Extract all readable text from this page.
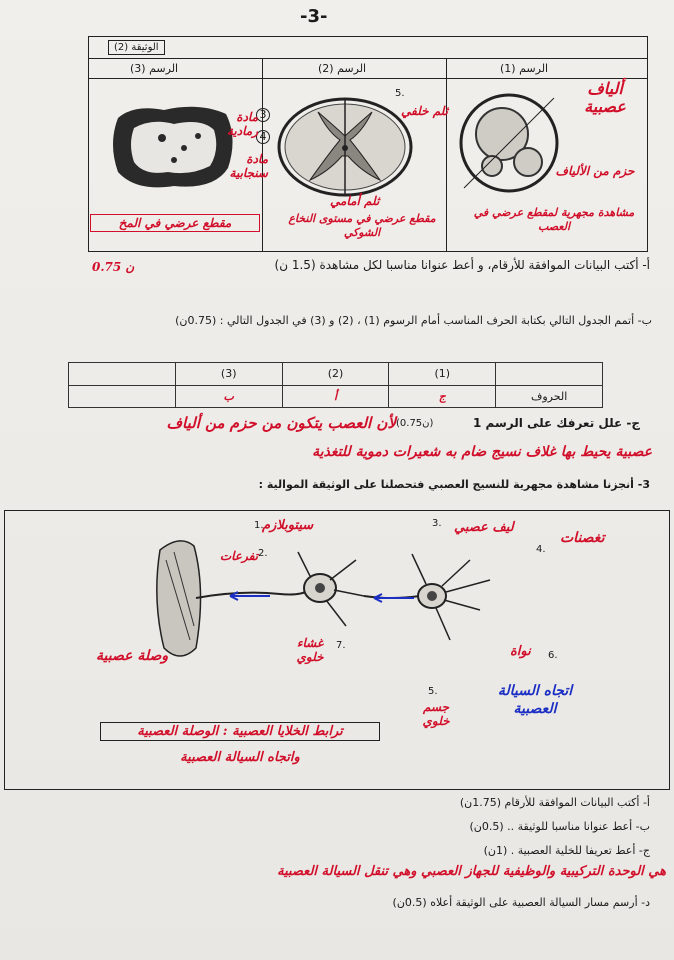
-3-
الوثيقة (2)
الرسم (3)	الرسم (2)	الرسم (1)
5.
3
4
ألياف عصبية
حزم من الألياف
مادة رمادية
مادة سنجابية
ثلم خلفي
ثلم أمامي
مشاهدة مجهرية لمقطع عرضي في العصب
مقطع عرضي في مستوى النخاع الشوكي
مقطع عرضي في المخ
أ- أكتب البيانات الموافقة للأرقام، و أعط عنوانا مناسبا لكل مشاهدة (1.5 ن)
0.75 ن
ب- أتمم الجدول التالي بكتابة الحرف المناسب أمام الرسوم (1) ، (2) و (3) في الجدول التالي : (0.75ن)
	(1)	(2)	(3)	
الحروف	ج	أ	ب	
ج- علل تعرفك على الرسم 1
(0.75ن)
لأن العصب يتكون من حزم من ألياف
عصبية يحيط بها غلاف نسيج ضام به شعيرات دموية للتغذية
3- أنجزنا مشاهدة مجهرية للنسيج العصبي فتحصلنا على الوثيقة الموالية :
1.
2.
3.
4.
5.
6.
7.
سيتوبلازم
تفرعات
ليف عصبي
تغصنات
وصلة عصبية
غشاء خلوي	نواة
جسم خلوي
اتجاه السيالة العصبية
ترابط الخلايا العصبية : الوصلة العصبية
واتجاه السيالة العصبية
أ- أكتب البيانات الموافقة للأرقام (1.75ن)
ب- أعط عنوانا مناسبا للوثيقة .. (0.5ن)
ج- أعط تعريفا للخلية العصبية . (1ن)
هي الوحدة التركيبية والوظيفية للجهاز العصبي وهي تنقل السيالة العصبية
د- أرسم مسار السيالة العصبية على الوثيقة أعلاه (0.5ن)
